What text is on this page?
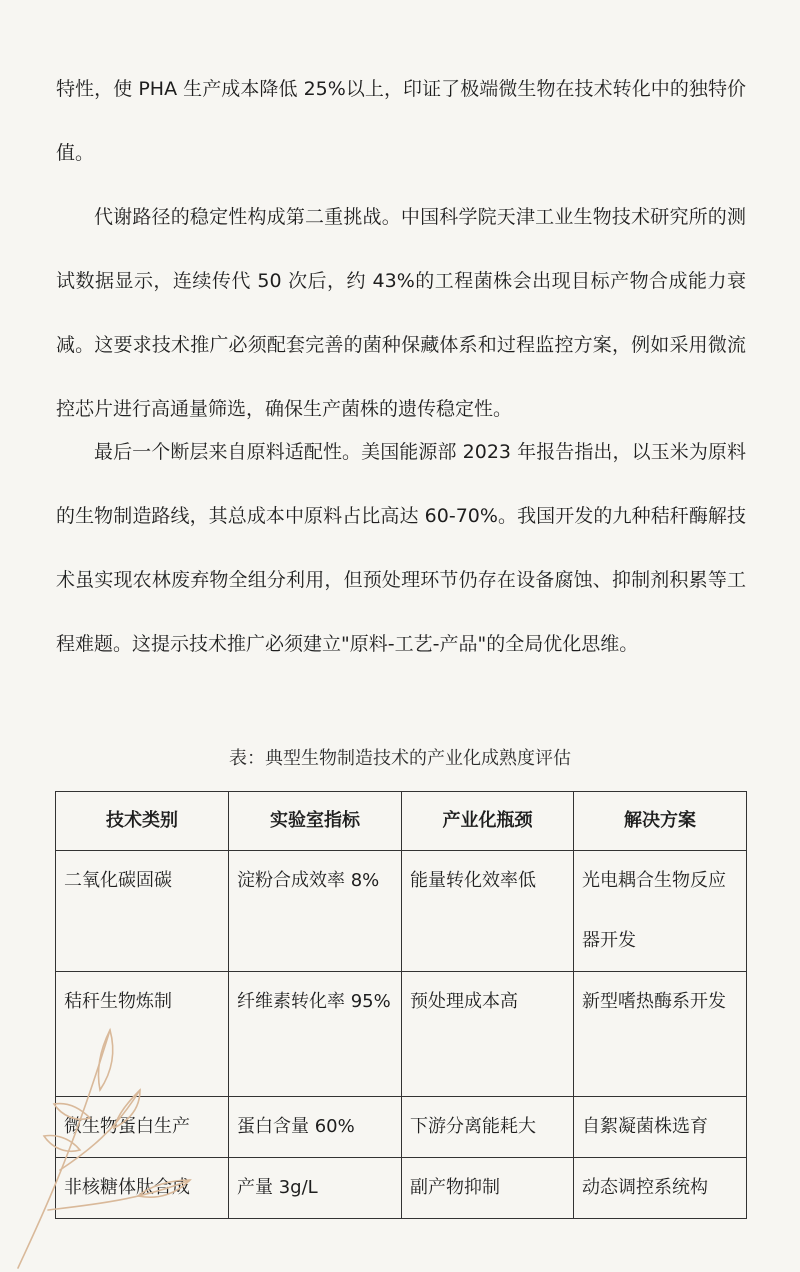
特性，使 PHA 生产成本降低 25%以上，印证了极端微生物在技术转化中的独特价值。

代谢路径的稳定性构成第二重挑战。中国科学院天津工业生物技术研究所的测试数据显示，连续传代 50 次后，约 43%的工程菌株会出现目标产物合成能力衰减。这要求技术推广必须配套完善的菌种保藏体系和过程监控方案，例如采用微流控芯片进行高通量筛选，确保生产菌株的遗传稳定性。

最后一个断层来自原料适配性。美国能源部 2023 年报告指出，以玉米为原料的生物制造路线，其总成本中原料占比高达 60-70%。我国开发的九种秸秆酶解技术虽实现农林废弃物全组分利用，但预处理环节仍存在设备腐蚀、抑制剂积累等工程难题。这提示技术推广必须建立"原料-工艺-产品"的全局优化思维。

表：典型生物制造技术的产业化成熟度评估
技术类别	实验室指标	产业化瓶颈	解决方案
二氧化碳固碳	淀粉合成效率 8%	能量转化效率低	光电耦合生物反应器开发
秸秆生物炼制	纤维素转化率 95%	预处理成本高	新型嗜热酶系开发
微生物蛋白生产	蛋白含量 60%	下游分离能耗大	自絮凝菌株选育
非核糖体肽合成	产量 3g/L	副产物抑制	动态调控系统构
